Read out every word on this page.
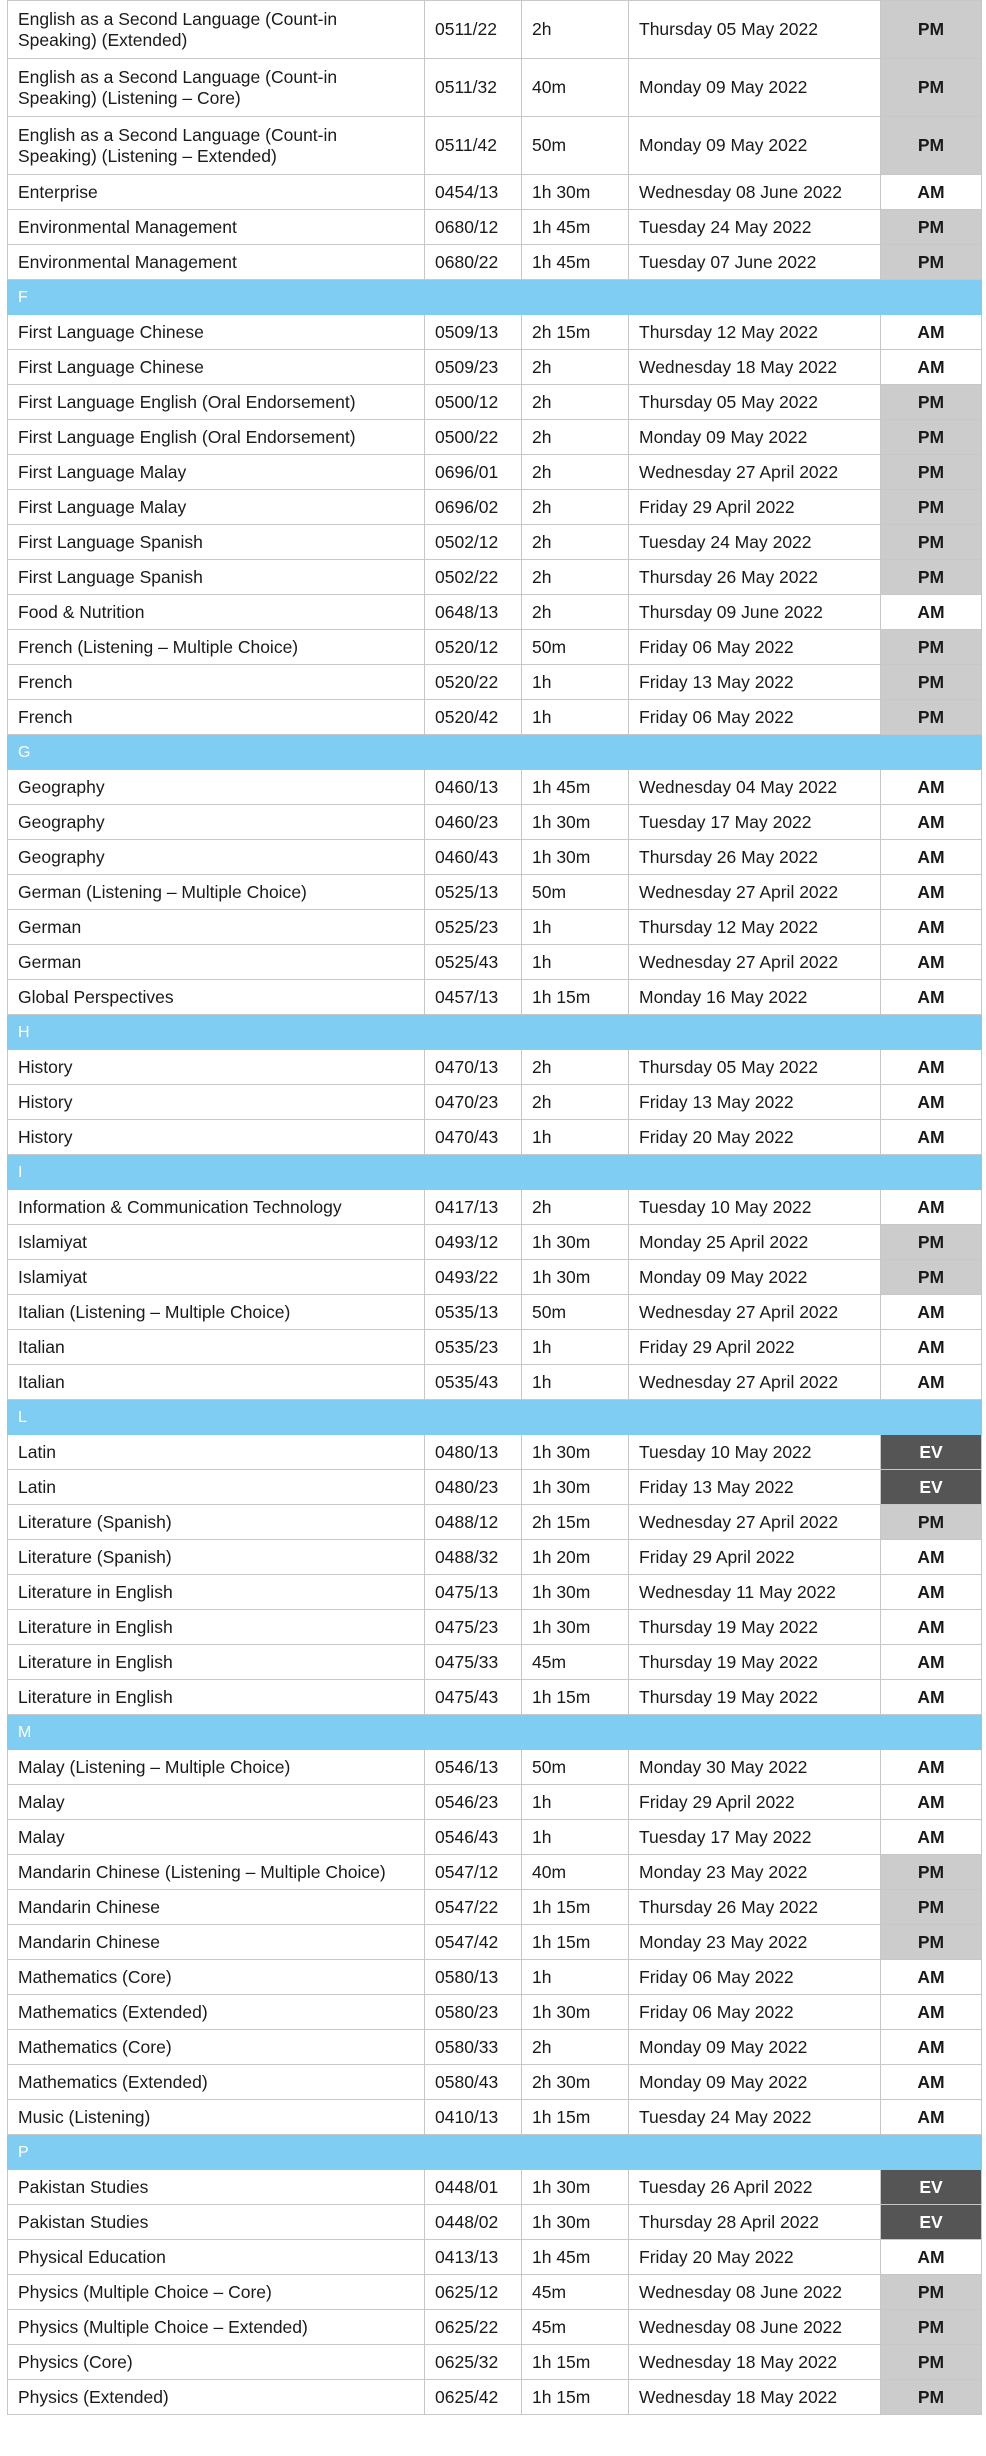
English as a Second Language (Count-in Speaking) (Extended)	0511/22	2h	Thursday 05 May 2022	PM
English as a Second Language (Count-in Speaking) (Listening – Core)	0511/32	40m	Monday 09 May 2022	PM
English as a Second Language (Count-in Speaking) (Listening – Extended)	0511/42	50m	Monday 09 May 2022	PM
Enterprise	0454/13	1h 30m	Wednesday 08 June 2022	AM
Environmental Management	0680/12	1h 45m	Tuesday 24 May 2022	PM
Environmental Management	0680/22	1h 45m	Tuesday 07 June 2022	PM
F				
First Language Chinese	0509/13	2h 15m	Thursday 12 May 2022	AM
First Language Chinese	0509/23	2h	Wednesday 18 May 2022	AM
First Language English (Oral Endorsement)	0500/12	2h	Thursday 05 May 2022	PM
First Language English (Oral Endorsement)	0500/22	2h	Monday 09 May 2022	PM
First Language Malay	0696/01	2h	Wednesday 27 April 2022	PM
First Language Malay	0696/02	2h	Friday 29 April 2022	PM
First Language Spanish	0502/12	2h	Tuesday 24 May 2022	PM
First Language Spanish	0502/22	2h	Thursday 26 May 2022	PM
Food & Nutrition	0648/13	2h	Thursday 09 June 2022	AM
French (Listening – Multiple Choice)	0520/12	50m	Friday 06 May 2022	PM
French	0520/22	1h	Friday 13 May 2022	PM
French	0520/42	1h	Friday 06 May 2022	PM
G				
Geography	0460/13	1h 45m	Wednesday 04 May 2022	AM
Geography	0460/23	1h 30m	Tuesday 17 May 2022	AM
Geography	0460/43	1h 30m	Thursday 26 May 2022	AM
German (Listening – Multiple Choice)	0525/13	50m	Wednesday 27 April 2022	AM
German	0525/23	1h	Thursday 12 May 2022	AM
German	0525/43	1h	Wednesday 27 April 2022	AM
Global Perspectives	0457/13	1h 15m	Monday 16 May 2022	AM
H				
History	0470/13	2h	Thursday 05 May 2022	AM
History	0470/23	2h	Friday 13 May 2022	AM
History	0470/43	1h	Friday 20 May 2022	AM
I				
Information & Communication Technology	0417/13	2h	Tuesday 10 May 2022	AM
Islamiyat	0493/12	1h 30m	Monday 25 April 2022	PM
Islamiyat	0493/22	1h 30m	Monday 09 May 2022	PM
Italian (Listening – Multiple Choice)	0535/13	50m	Wednesday 27 April 2022	AM
Italian	0535/23	1h	Friday 29 April 2022	AM
Italian	0535/43	1h	Wednesday 27 April 2022	AM
L				
Latin	0480/13	1h 30m	Tuesday 10 May 2022	EV
Latin	0480/23	1h 30m	Friday 13 May 2022	EV
Literature (Spanish)	0488/12	2h 15m	Wednesday 27 April 2022	PM
Literature (Spanish)	0488/32	1h 20m	Friday 29 April 2022	AM
Literature in English	0475/13	1h 30m	Wednesday 11 May 2022	AM
Literature in English	0475/23	1h 30m	Thursday 19 May 2022	AM
Literature in English	0475/33	45m	Thursday 19 May 2022	AM
Literature in English	0475/43	1h 15m	Thursday 19 May 2022	AM
M				
Malay (Listening – Multiple Choice)	0546/13	50m	Monday 30 May 2022	AM
Malay	0546/23	1h	Friday 29 April 2022	AM
Malay	0546/43	1h	Tuesday 17 May 2022	AM
Mandarin Chinese (Listening – Multiple Choice)	0547/12	40m	Monday 23 May 2022	PM
Mandarin Chinese	0547/22	1h 15m	Thursday 26 May 2022	PM
Mandarin Chinese	0547/42	1h 15m	Monday 23 May 2022	PM
Mathematics (Core)	0580/13	1h	Friday 06 May 2022	AM
Mathematics (Extended)	0580/23	1h 30m	Friday 06 May 2022	AM
Mathematics (Core)	0580/33	2h	Monday 09 May 2022	AM
Mathematics (Extended)	0580/43	2h 30m	Monday 09 May 2022	AM
Music (Listening)	0410/13	1h 15m	Tuesday 24 May 2022	AM
P				
Pakistan Studies	0448/01	1h 30m	Tuesday 26 April 2022	EV
Pakistan Studies	0448/02	1h 30m	Thursday 28 April 2022	EV
Physical Education	0413/13	1h 45m	Friday 20 May 2022	AM
Physics (Multiple Choice – Core)	0625/12	45m	Wednesday 08 June 2022	PM
Physics (Multiple Choice – Extended)	0625/22	45m	Wednesday 08 June 2022	PM
Physics (Core)	0625/32	1h 15m	Wednesday 18 May 2022	PM
Physics (Extended)	0625/42	1h 15m	Wednesday 18 May 2022	PM
